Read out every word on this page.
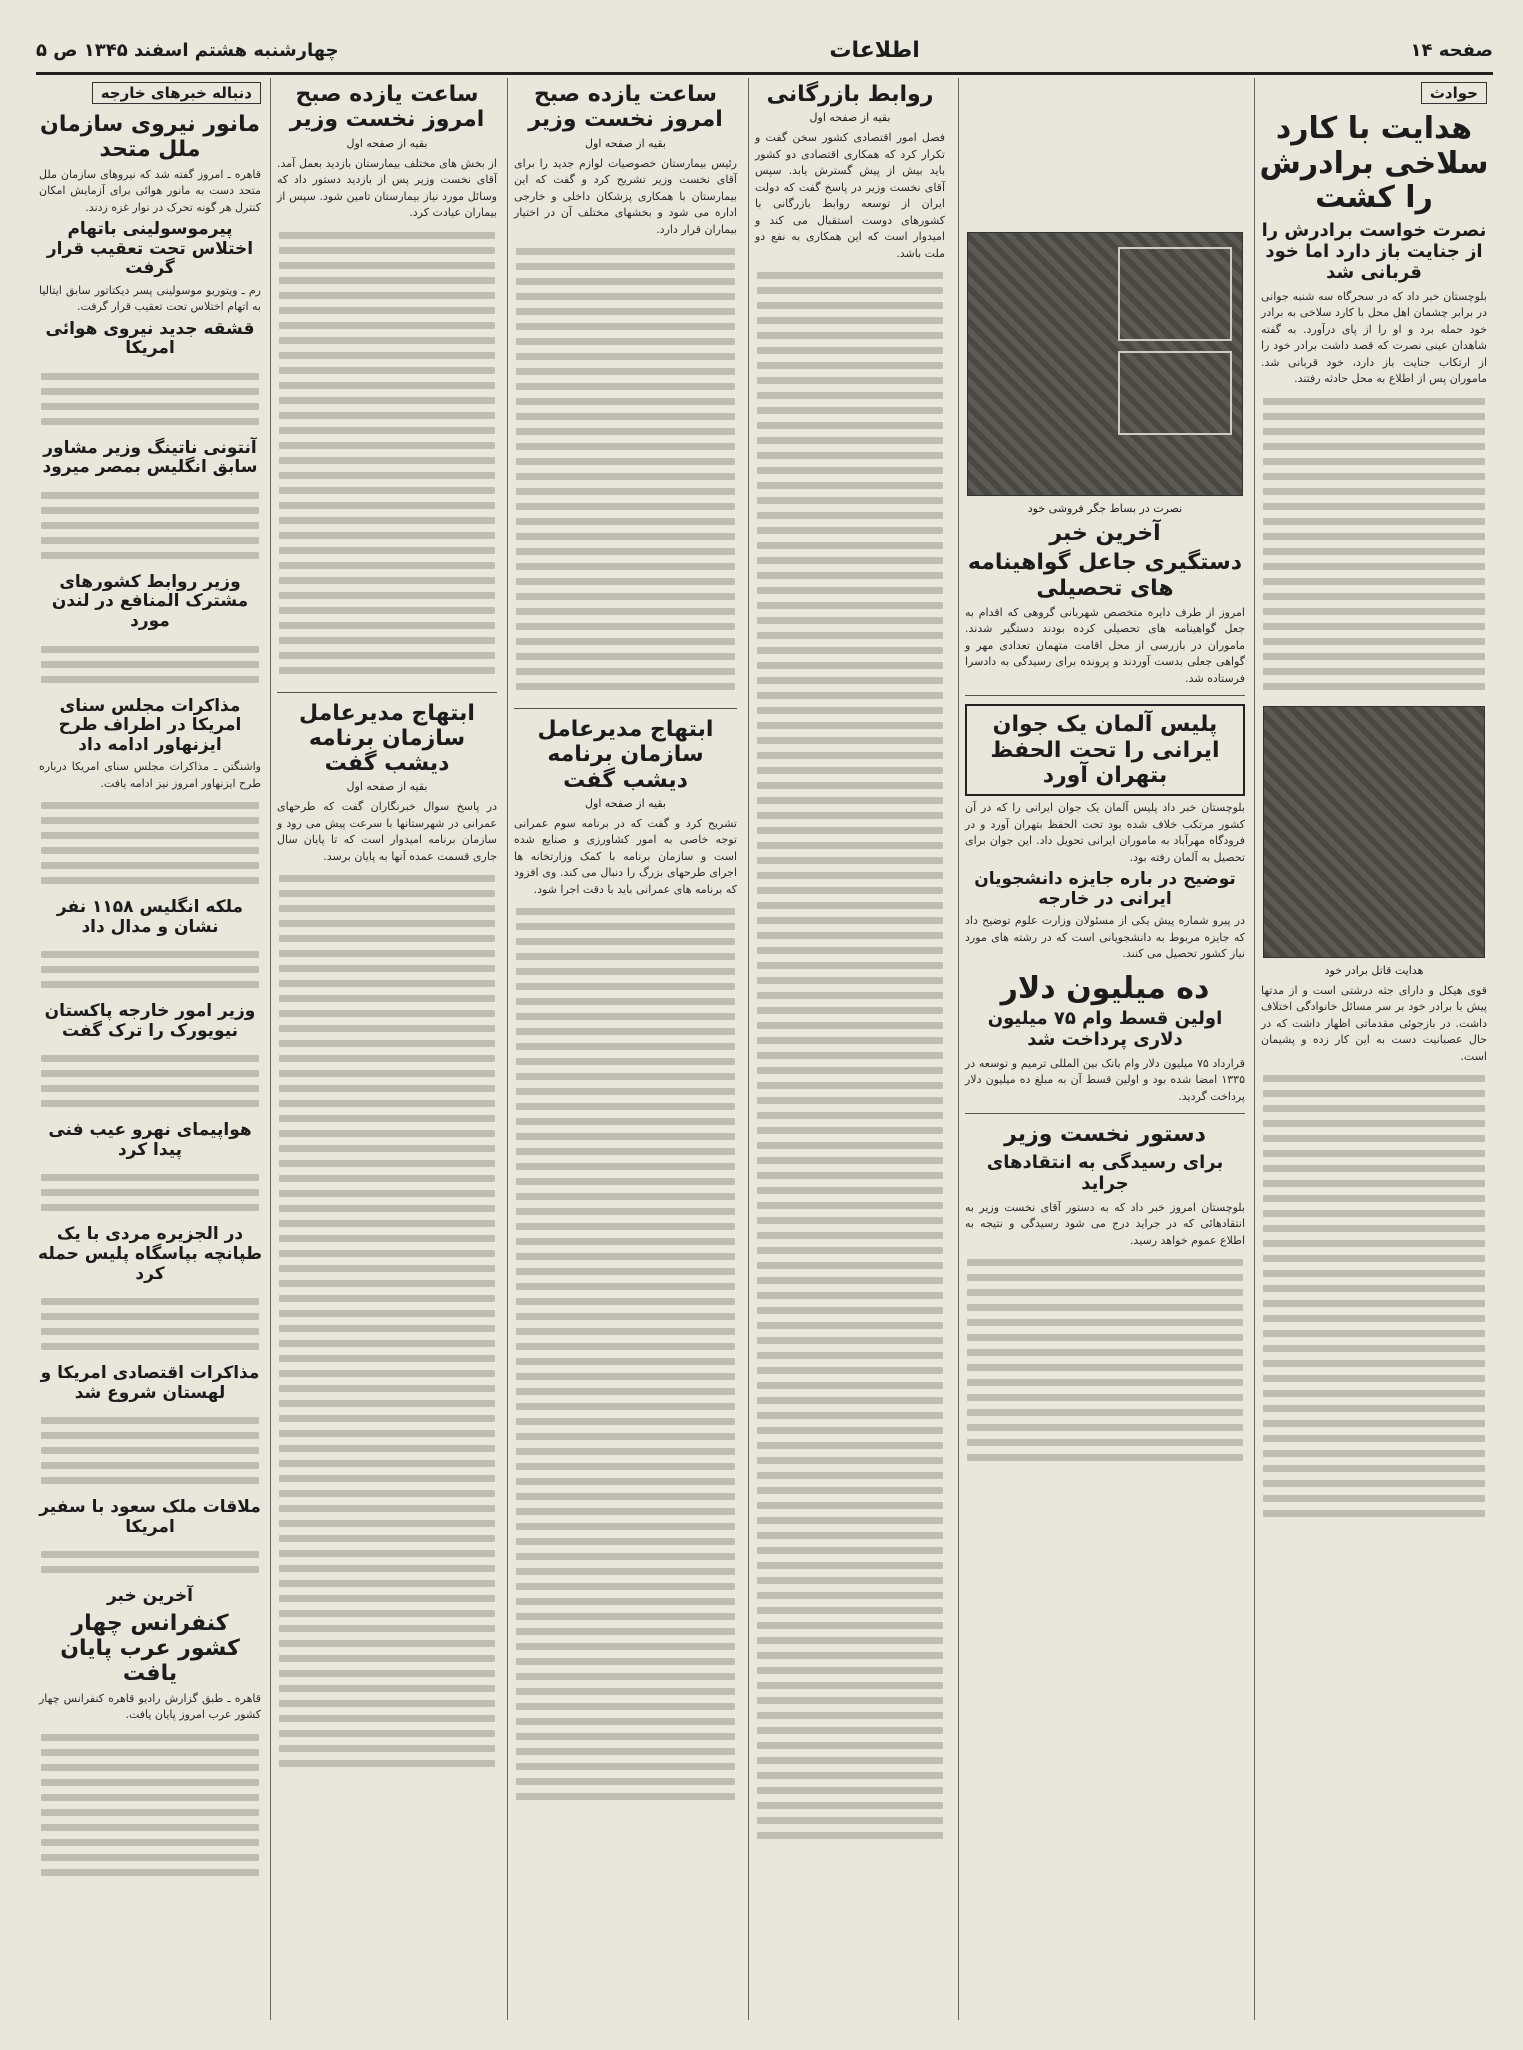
صفحه ۱۴
اطلاعات
چهارشنبه هشتم اسفند ۱۳۴۵ ص ۵
حوادث
هدایت با کارد سلاخی برادرش را کشت
نصرت خواست برادرش را از جنایت باز دارد اما خود قربانی شد
بلوچستان خبر داد که در سحرگاه سه شنبه جوانی در برابر چشمان اهل محل با کارد سلاخی به برادر خود حمله برد و او را از پای درآورد. به گفته شاهدان عینی نصرت که قصد داشت برادر خود را از ارتکاب جنایت باز دارد، خود قربانی شد. ماموران پس از اطلاع به محل حادثه رفتند.
هدایت قاتل برادر خود
قوی هیکل و دارای جثه درشتی است و از مدتها پیش با برادر خود بر سر مسائل خانوادگی اختلاف داشت. در بازجوئی مقدماتی اظهار داشت که در حال عصبانیت دست به این کار زده و پشیمان است.
نصرت در بساط جگر فروشی خود
آخرین خبر
دستگیری جاعل گواهینامه های تحصیلی
امروز از طرف دایره متخصص شهربانی گروهی که اقدام به جعل گواهینامه های تحصیلی کرده بودند دستگیر شدند. ماموران در بازرسی از محل اقامت متهمان تعدادی مهر و گواهی جعلی بدست آوردند و پرونده برای رسیدگی به دادسرا فرستاده شد.
پلیس آلمان یک جوان ایرانی را تحت الحفظ بتهران آورد
بلوچستان خبر داد پلیس آلمان یک جوان ایرانی را که در آن کشور مرتکب خلاف شده بود تحت الحفظ بتهران آورد و در فرودگاه مهرآباد به ماموران ایرانی تحویل داد. این جوان برای تحصیل به آلمان رفته بود.
توضیح در باره جایزه دانشجویان ایرانی در خارجه
در پیرو شماره پیش یکی از مسئولان وزارت علوم توضیح داد که جایزه مربوط به دانشجویانی است که در رشته های مورد نیاز کشور تحصیل می کنند.
ده میلیون دلار
اولین قسط وام ۷۵ میلیون دلاری پرداخت شد
قرارداد ۷۵ میلیون دلار وام بانک بین المللی ترمیم و توسعه در ۱۳۳۵ امضا شده بود و اولین قسط آن به مبلغ ده میلیون دلار پرداخت گردید.
دستور نخست وزیر
برای رسیدگی به انتقادهای جراید
بلوچستان امروز خبر داد که به دستور آقای نخست وزیر به انتقادهائی که در جراید درج می شود رسیدگی و نتیجه به اطلاع عموم خواهد رسید.
روابط بازرگانی
بقیه از صفحه اول
فصل امور اقتصادی کشور سخن گفت و تکرار کرد که همکاری اقتصادی دو کشور باید بیش از پیش گسترش یابد. سپس آقای نخست وزیر در پاسخ گفت که دولت ایران از توسعه روابط بازرگانی با کشورهای دوست استقبال می کند و امیدوار است که این همکاری به نفع دو ملت باشد.
ساعت یازده صبح امروز نخست وزیر
بقیه از صفحه اول
رئیس بیمارستان خصوصیات لوازم جدید را برای آقای نخست وزیر تشریح کرد و گفت که این بیمارستان با همکاری پزشکان داخلی و خارجی اداره می شود و بخشهای مختلف آن در اختیار بیماران قرار دارد.
ابتهاج مدیرعامل سازمان برنامه دیشب گفت
بقیه از صفحه اول
تشریح کرد و گفت که در برنامه سوم عمرانی توجه خاصی به امور کشاورزی و صنایع شده است و سازمان برنامه با کمک وزارتخانه ها اجرای طرحهای بزرگ را دنبال می کند. وی افزود که برنامه های عمرانی باید با دقت اجرا شود.
ساعت یازده صبح امروز نخست وزیر
بقیه از صفحه اول
از بخش های مختلف بیمارستان بازدید بعمل آمد. آقای نخست وزیر پس از بازدید دستور داد که وسائل مورد نیاز بیمارستان تامین شود. سپس از بیماران عیادت کرد.
ابتهاج مدیرعامل سازمان برنامه دیشب گفت
بقیه از صفحه اول
در پاسخ سوال خبرنگاران گفت که طرحهای عمرانی در شهرستانها با سرعت پیش می رود و سازمان برنامه امیدوار است که تا پایان سال جاری قسمت عمده آنها به پایان برسد.
دنباله خبرهای خارجه
مانور نیروی سازمان ملل متحد
قاهره ـ امروز گفته شد که نیروهای سازمان ملل متحد دست به مانور هوائی برای آزمایش امکان کنترل هر گونه تحرک در نوار غزه زدند.
پیرموسولینی باتهام اختلاس تحت تعقیب قرار گرفت
رم ـ ویتوریو موسولینی پسر دیکتاتور سابق ایتالیا به اتهام اختلاس تحت تعقیب قرار گرفت.
قشقه جدید نیروی هوائی امریکا
آنتونی ناتینگ وزیر مشاور سابق انگلیس بمصر میرود
وزیر روابط کشورهای مشترک المنافع در لندن مورد
مذاکرات مجلس سنای امریکا در اطراف طرح ایزنهاور ادامه داد
واشنگتن ـ مذاکرات مجلس سنای امریکا درباره طرح ایزنهاور امروز نیز ادامه یافت.
ملکه انگلیس ۱۱۵۸ نفر نشان و مدال داد
وزیر امور خارجه پاکستان نیویورک را ترک گفت
هواپیمای نهرو عیب فنی پیدا کرد
در الجزیره مردی با یک طپانچه بپاسگاه پلیس حمله کرد
مذاکرات اقتصادی امریکا و لهستان شروع شد
ملاقات ملک سعود با سفیر امریکا
آخرین خبر
کنفرانس چهار کشور عرب پایان یافت
قاهره ـ طبق گزارش رادیو قاهره کنفرانس چهار کشور عرب امروز پایان یافت.
